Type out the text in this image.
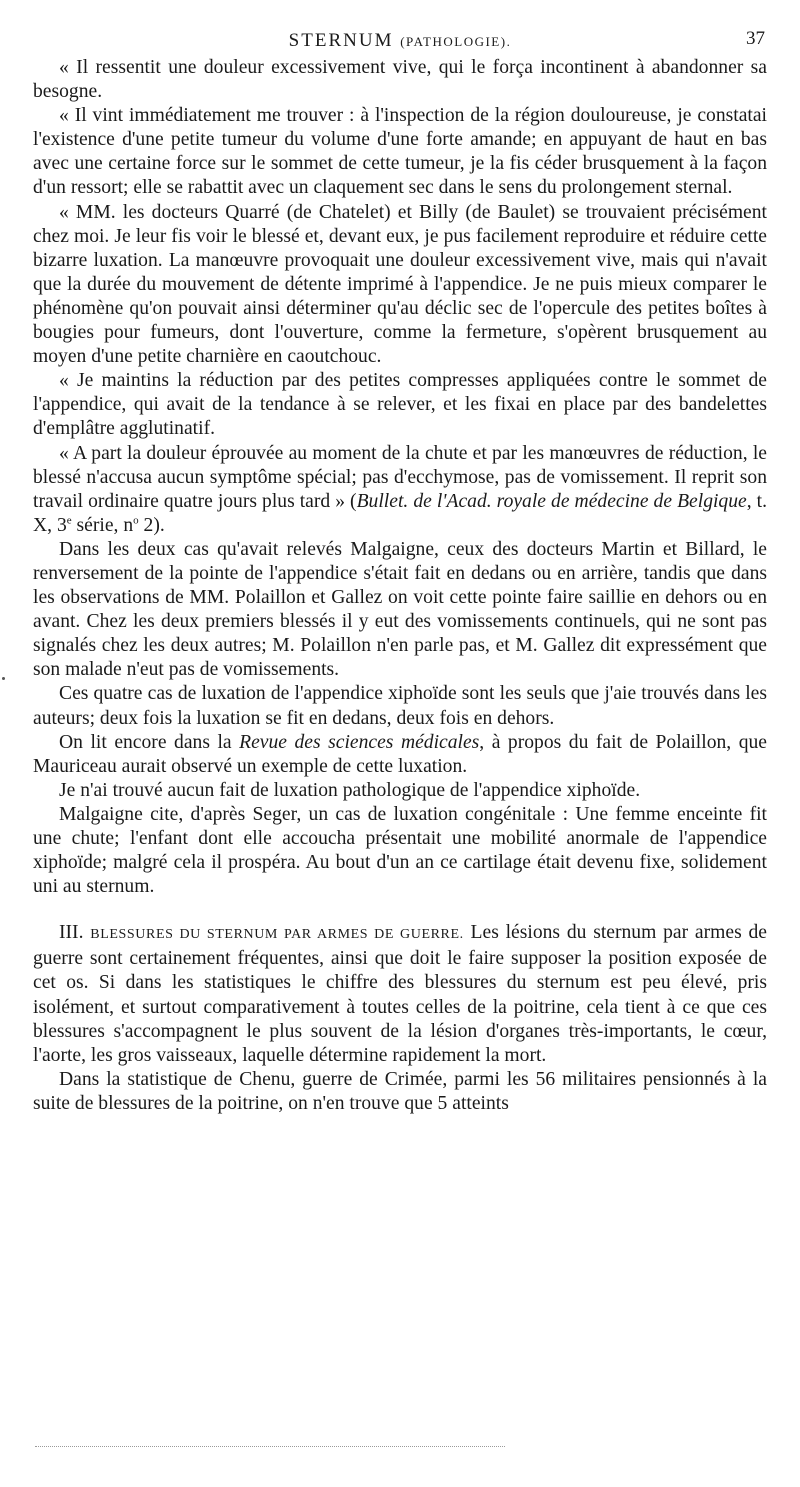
STERNUM (PATHOLOGIE).	37

« Il ressentit une douleur excessivement vive, qui le força incontinent à abandonner sa besogne.

« Il vint immédiatement me trouver : à l'inspection de la région douloureuse, je constatai l'existence d'une petite tumeur du volume d'une forte amande; en appuyant de haut en bas avec une certaine force sur le sommet de cette tumeur, je la fis céder brusquement à la façon d'un ressort; elle se rabattit avec un claquement sec dans le sens du prolongement sternal.

« MM. les docteurs Quarré (de Chatelet) et Billy (de Baulet) se trouvaient précisément chez moi. Je leur fis voir le blessé et, devant eux, je pus facilement reproduire et réduire cette bizarre luxation. La manœuvre provoquait une douleur excessivement vive, mais qui n'avait que la durée du mouvement de détente imprimé à l'appendice. Je ne puis mieux comparer le phénomène qu'on pouvait ainsi déterminer qu'au déclic sec de l'opercule des petites boîtes à bougies pour fumeurs, dont l'ouverture, comme la fermeture, s'opèrent brusquement au moyen d'une petite charnière en caoutchouc.

« Je maintins la réduction par des petites compresses appliquées contre le sommet de l'appendice, qui avait de la tendance à se relever, et les fixai en place par des bandelettes d'emplâtre agglutinatif.

« A part la douleur éprouvée au moment de la chute et par les manœuvres de réduction, le blessé n'accusa aucun symptôme spécial; pas d'ecchymose, pas de vomissement. Il reprit son travail ordinaire quatre jours plus tard » (Bullet. de l'Acad. royale de médecine de Belgique, t. X, 3e série, $n^o$ 2).

Dans les deux cas qu'avait relevés Malgaigne, ceux des docteurs Martin et Billard, le renversement de la pointe de l'appendice s'était fait en dedans ou en arrière, tandis que dans les observations de MM. Polaillon et Gallez on voit cette pointe faire saillie en dehors ou en avant. Chez les deux premiers blessés il y eut des vomissements continuels, qui ne sont pas signalés chez les deux autres; M. Polaillon n'en parle pas, et M. Gallez dit expressément que son malade n'eut pas de vomissements.

Ces quatre cas de luxation de l'appendice xiphoïde sont les seuls que j'aie trouvés dans les auteurs; deux fois la luxation se fit en dedans, deux fois en dehors.

On lit encore dans la Revue des sciences médicales, à propos du fait de Polaillon, que Mauriceau aurait observé un exemple de cette luxation.

Je n'ai trouvé aucun fait de luxation pathologique de l'appendice xiphoïde.

Malgaigne cite, d'après Seger, un cas de luxation congénitale : Une femme enceinte fit une chute; l'enfant dont elle accoucha présentait une mobilité anormale de l'appendice xiphoïde; malgré cela il prospéra. Au bout d'un an ce cartilage était devenu fixe, solidement uni au sternum.

III. BLESSURES DU STERNUM PAR ARMES DE GUERRE. Les lésions du sternum par armes de guerre sont certainement fréquentes, ainsi que doit le faire supposer la position exposée de cet os. Si dans les statistiques le chiffre des blessures du sternum est peu élevé, pris isolément, et surtout comparativement à toutes celles de la poitrine, cela tient à ce que ces blessures s'accompagnent le plus souvent de la lésion d'organes très-importants, le cœur, l'aorte, les gros vaisseaux, laquelle détermine rapidement la mort.

Dans la statistique de Chenu, guerre de Crimée, parmi les 56 militaires pensionnés à la suite de blessures de la poitrine, on n'en trouve que 5 atteints
